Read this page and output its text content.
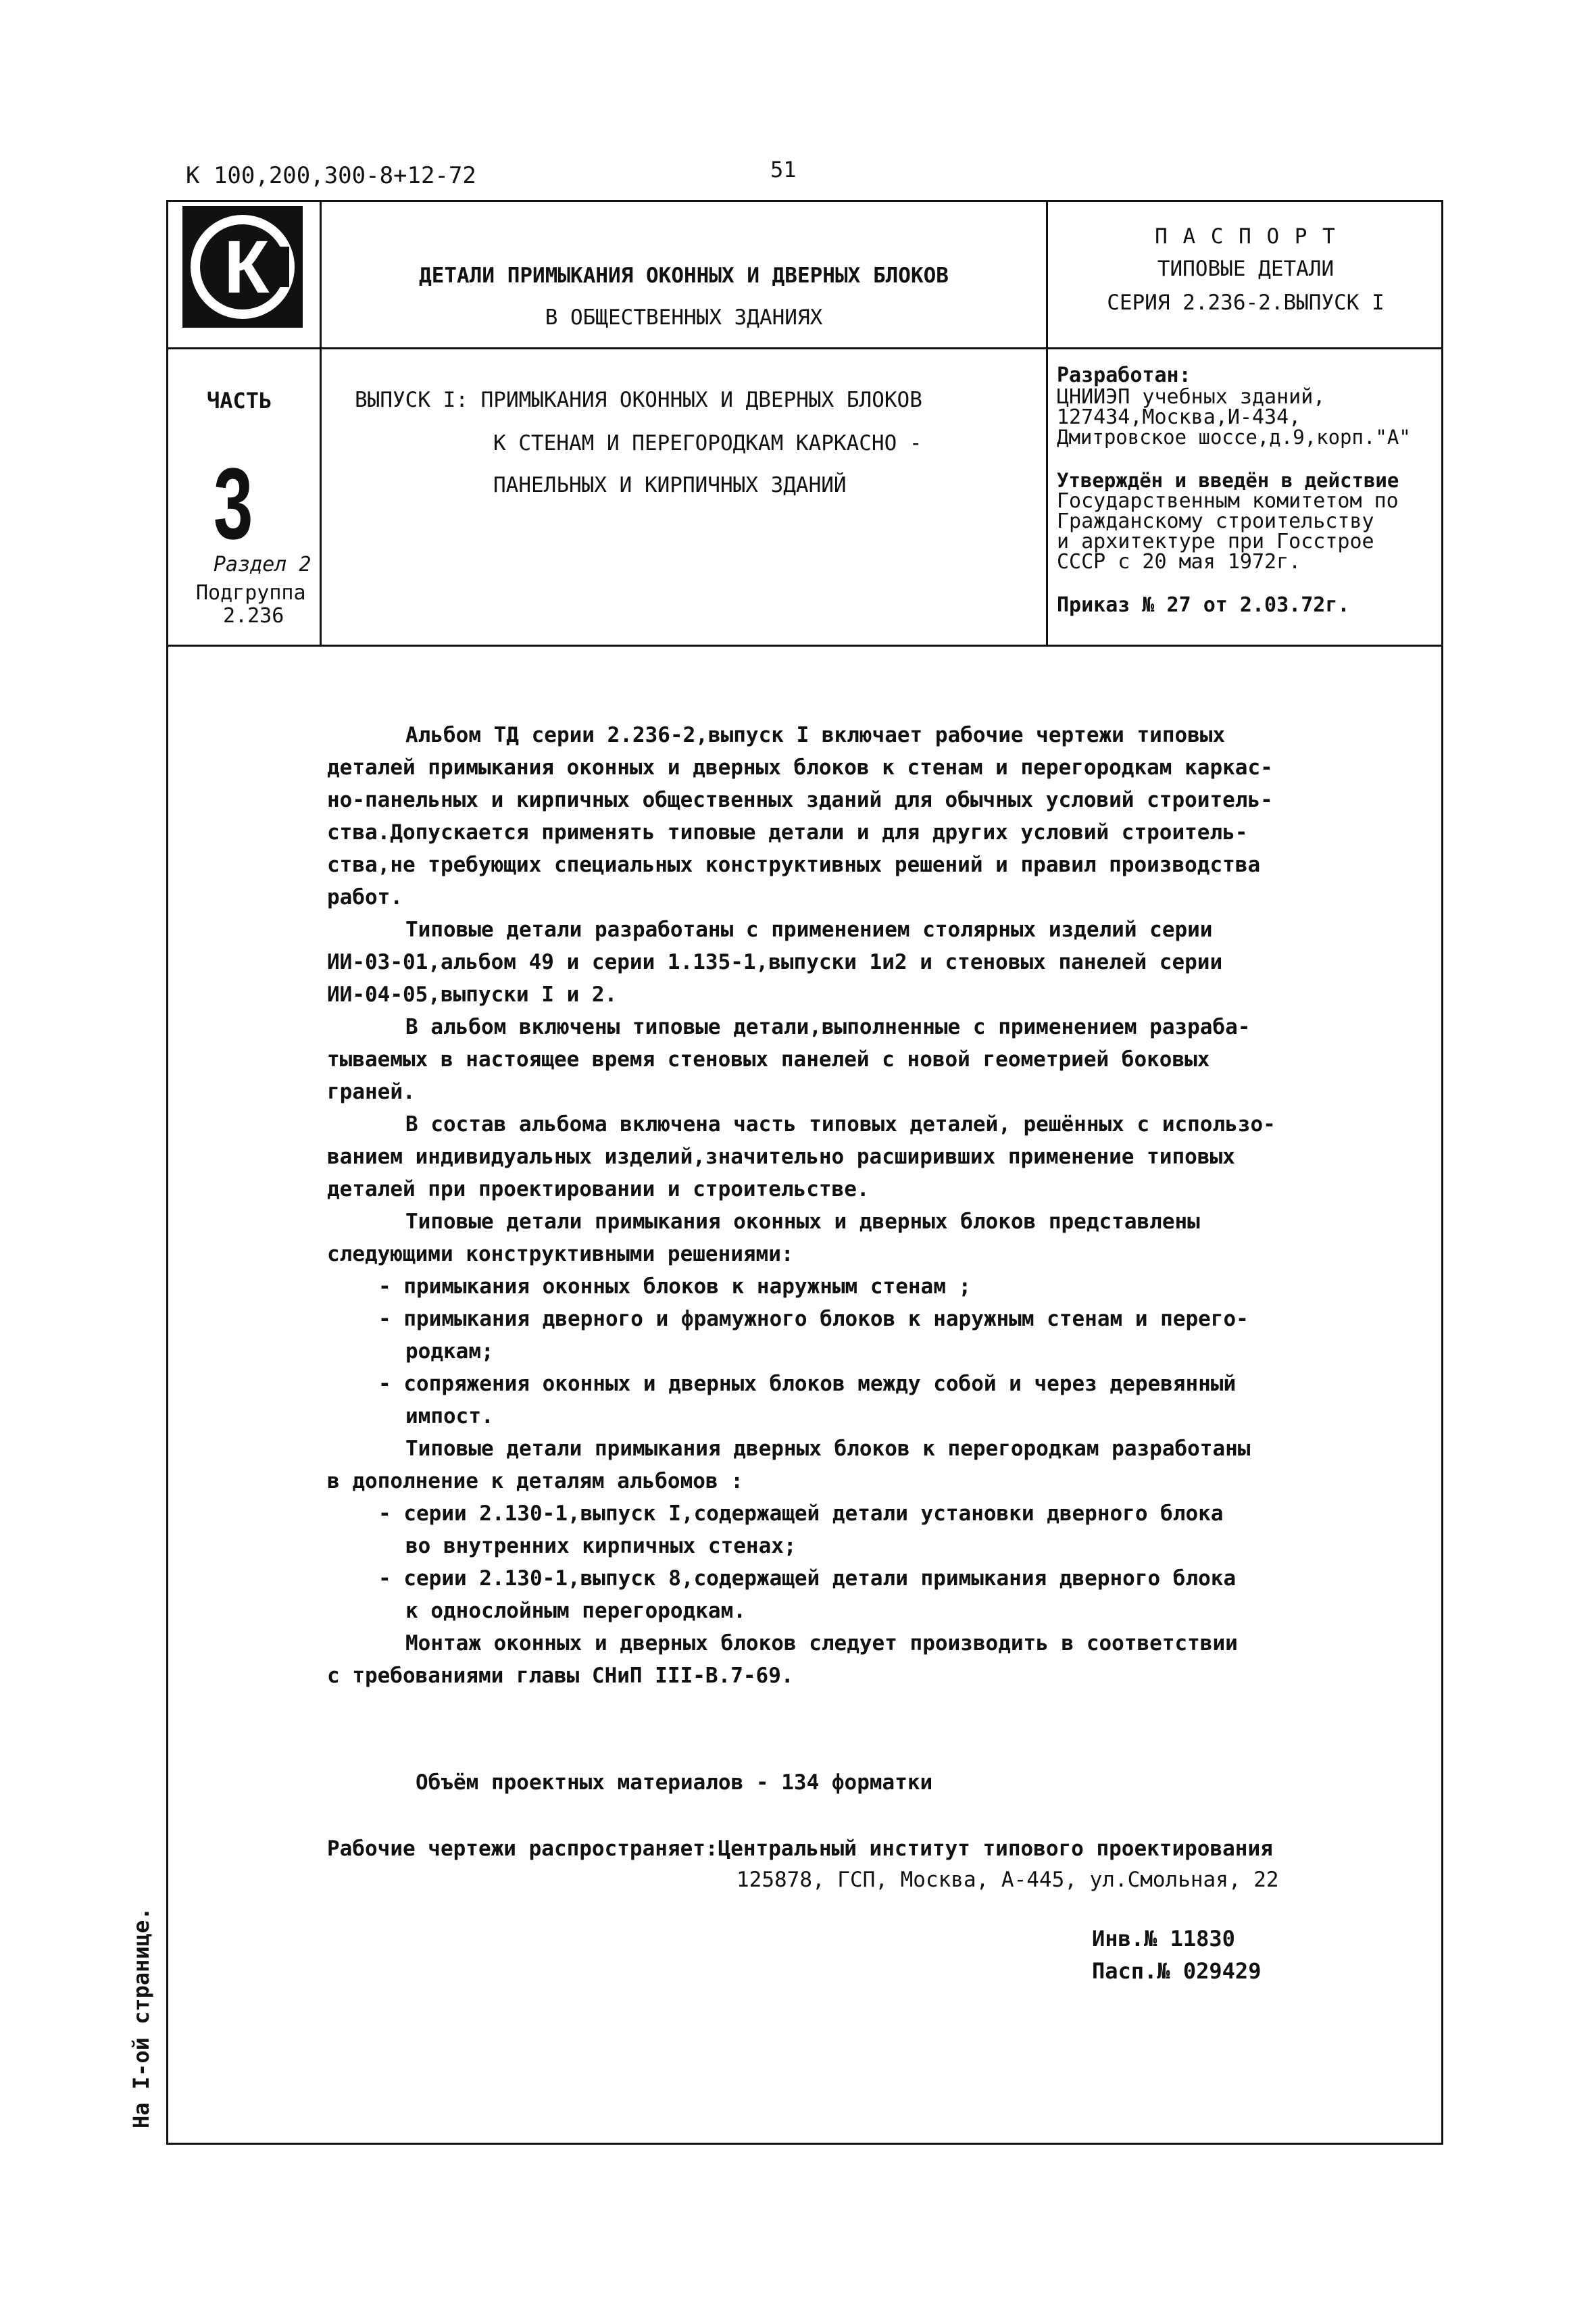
К 100,200,300-8+12-72	51
К	ДЕТАЛИ ПРИМЫКАНИЯ ОКОННЫХ И ДВЕРНЫХ БЛОКОВ
В ОБЩЕСТВЕННЫХ ЗДАНИЯХ
П А С П О Р Т
ТИПОВЫЕ ДЕТАЛИ
СЕРИЯ 2.236-2.ВЫПУСК I
ЧАСТЬ
3
Раздел 2
Подгруппа
2.236
ВЫПУСК I: ПРИМЫКАНИЯ ОКОННЫХ И ДВЕРНЫХ БЛОКОВ
К СТЕНАМ И ПЕРЕГОРОДКАМ КАРКАСНО -
ПАНЕЛЬНЫХ И КИРПИЧНЫХ ЗДАНИЙ
Разработан:
ЦНИИЭП учебных зданий,
127434,Москва,И-434,
Дмитровское шоссе,д.9,корп."А"
Утверждён и введён в действие
Государственным комитетом по
Гражданскому строительству
и архитектуре при Госстрое
СССР с 20 мая 1972г.
Приказ № 27 от 2.03.72г.
Альбом ТД серии 2.236-2,выпуск I включает рабочие чертежи типовых
деталей примыкания оконных и дверных блоков к стенам и перегородкам каркас-
но-панельных и кирпичных общественных зданий для обычных условий строитель-
ства.Допускается применять типовые детали и для других условий строитель-
ства,не требующих специальных конструктивных решений и правил производства
работ.
Типовые детали разработаны с применением столярных изделий серии
ИИ-03-01,альбом 49 и серии 1.135-1,выпуски 1и2 и стеновых панелей серии
ИИ-04-05,выпуски I и 2.
В альбом включены типовые детали,выполненные с применением разраба-
тываемых в настоящее время стеновых панелей с новой геометрией боковых
граней.
В состав альбома включена часть типовых деталей, решённых с использо-
ванием индивидуальных изделий,значительно расширивших применение типовых
деталей при проектировании и строительстве.
Типовые детали примыкания оконных и дверных блоков представлены
следующими конструктивными решениями:
- примыкания оконных блоков к наружным стенам ;
- примыкания дверного и фрамужного блоков к наружным стенам и перего-
родкам;
- сопряжения оконных и дверных блоков между собой и через деревянный
импост.
Типовые детали примыкания дверных блоков к перегородкам разработаны
в дополнение к деталям альбомов :
- серии 2.130-1,выпуск I,содержащей детали установки дверного блока
во внутренних кирпичных стенах;
- серии 2.130-1,выпуск 8,содержащей детали примыкания дверного блока
к однослойным перегородкам.
Монтаж оконных и дверных блоков следует производить в соответствии
с требованиями главы СНиП III-В.7-69.
Объём проектных материалов - 134 форматки
Рабочие чертежи распространяет:Центральный институт типового проектирования
125878, ГСП, Москва, А-445, ул.Смольная, 22
Инв.№ 11830
Пасп.№ 029429
На I-ой странице.
